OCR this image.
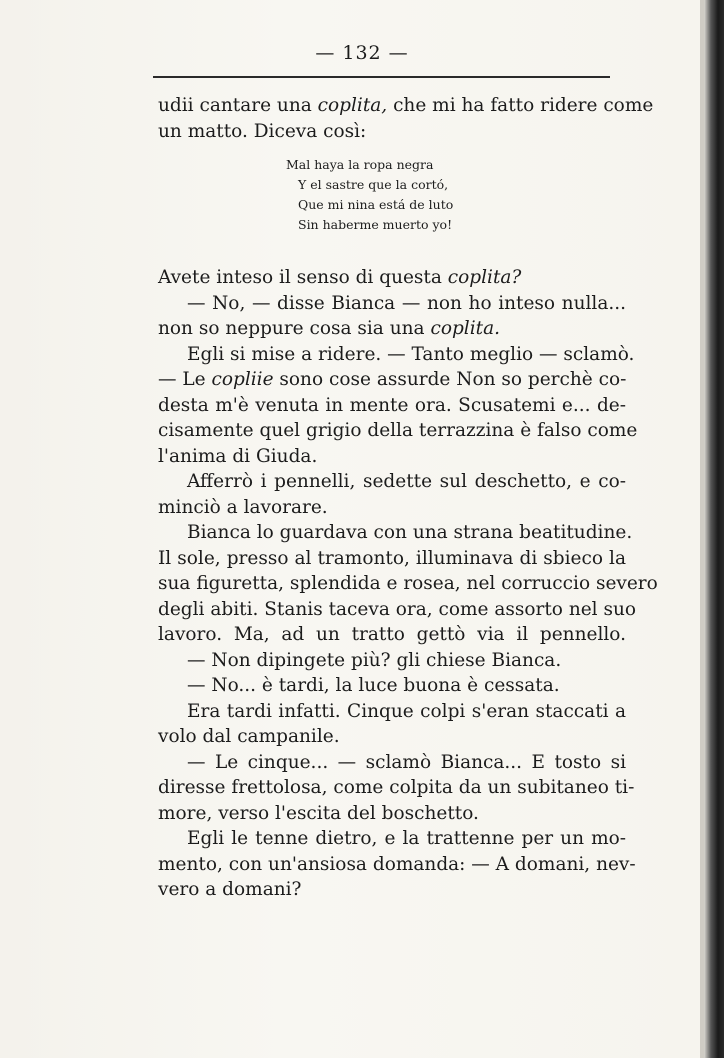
— 132 —
udii cantare una coplita, che mi ha fatto ridere come
un matto. Diceva così:
Mal haya la ropa negra
Y el sastre que la cortó,
Que mi nina está de luto
Sin haberme muerto yo!
Avete inteso il senso di questa coplita?
— No, — disse Bianca — non ho inteso nulla...
non so neppure cosa sia una coplita.
Egli si mise a ridere. — Tanto meglio — sclamò.
— Le copliie sono cose assurde Non so perchè co-
desta m'è venuta in mente ora. Scusatemi e... de-
cisamente quel grigio della terrazzina è falso come
l'anima di Giuda.
Afferrò i pennelli, sedette sul deschetto, e co-
minciò a lavorare.
Bianca lo guardava con una strana beatitudine.
Il sole, presso al tramonto, illuminava di sbieco la
sua figuretta, splendida e rosea, nel corruccio severo
degli abiti. Stanis taceva ora, come assorto nel suo
lavoro. Ma, ad un tratto gettò via il pennello.
— Non dipingete più? gli chiese Bianca.
— No... è tardi, la luce buona è cessata.
Era tardi infatti. Cinque colpi s'eran staccati a
volo dal campanile.
— Le cinque... — sclamò Bianca... E tosto si
diresse frettolosa, come colpita da un subitaneo ti-
more, verso l'escita del boschetto.
Egli le tenne dietro, e la trattenne per un mo-
mento, con un'ansiosa domanda: — A domani, nev-
vero a domani?
